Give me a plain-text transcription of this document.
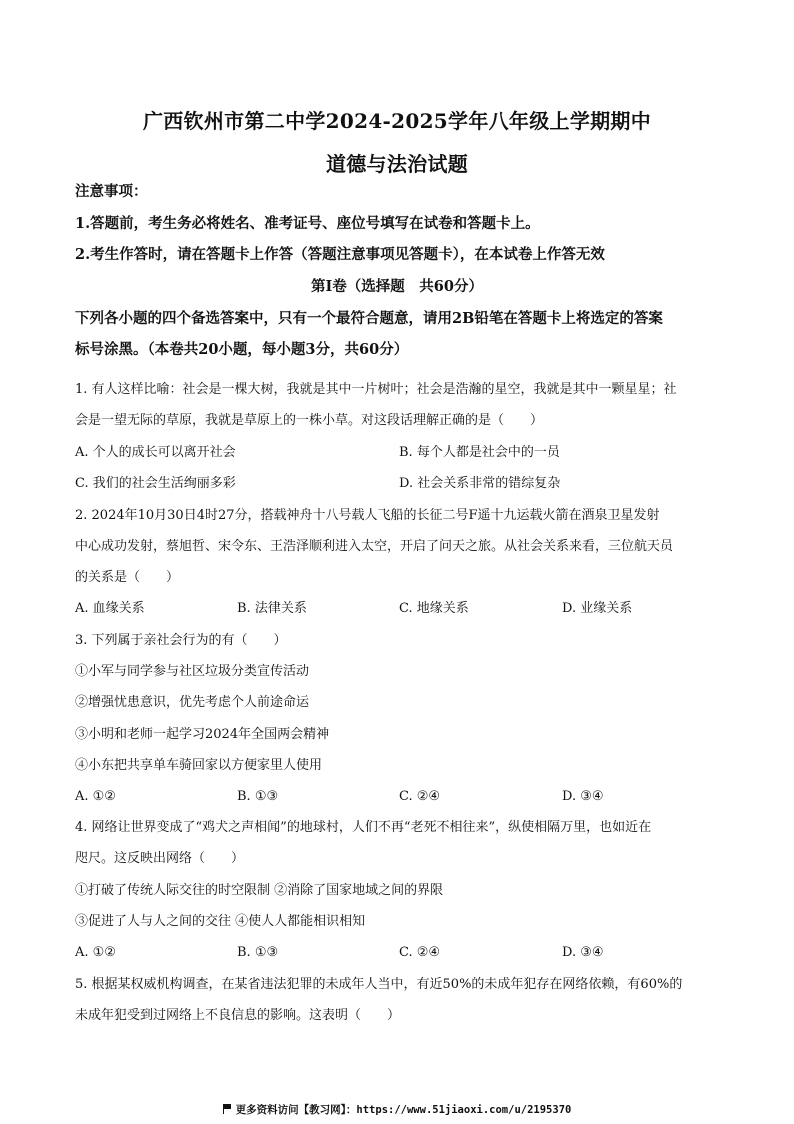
广西钦州市第二中学2024-2025学年八年级上学期期中
道德与法治试题
注意事项：
1.答题前，考生务必将姓名、准考证号、座位号填写在试卷和答题卡上。
2.考生作答时，请在答题卡上作答（答题注意事项见答题卡），在本试卷上作答无效
第Ⅰ卷（选择题　共60分）
下列各小题的四个备选答案中，只有一个最符合题意，请用2B铅笔在答题卡上将选定的答案
标号涂黑。（本卷共20小题，每小题3分，共60分）
1. 有人这样比喻：社会是一棵大树，我就是其中一片树叶；社会是浩瀚的星空，我就是其中一颗星星；社
会是一望无际的草原，我就是草原上的一株小草。对这段话理解正确的是（　　）
A. 个人的成长可以离开社会	B. 每个人都是社会中的一员
C. 我们的社会生活绚丽多彩	D. 社会关系非常的错综复杂
2. 2024年10月30日4时27分，搭载神舟十八号载人飞船的长征二号F遥十九运载火箭在酒泉卫星发射
中心成功发射，蔡旭哲、宋令东、王浩泽顺利进入太空，开启了问天之旅。从社会关系来看，三位航天员
的关系是（　　）
A. 血缘关系	B. 法律关系	C. 地缘关系	D. 业缘关系
3. 下列属于亲社会行为的有（　　）
①小军与同学参与社区垃圾分类宣传活动
②增强忧患意识，优先考虑个人前途命运
③小明和老师一起学习2024年全国两会精神
④小东把共享单车骑回家以方便家里人使用
A. ①②	B. ①③	C. ②④	D. ③④
4. 网络让世界变成了“鸡犬之声相闻”的地球村，人们不再“老死不相往来”，纵使相隔万里，也如近在
咫尺。这反映出网络（　　）
①打破了传统人际交往的时空限制 ②消除了国家地域之间的界限
③促进了人与人之间的交往 ④使人人都能相识相知
A. ①②	B. ①③	C. ②④	D. ③④
5. 根据某权威机构调查，在某省违法犯罪的未成年人当中，有近50%的未成年犯存在网络依赖，有60%的
未成年犯受到过网络上不良信息的影响。这表明（　　）
更多资料访问【教习网】：https://www.51jiaoxi.com/u/2195370
